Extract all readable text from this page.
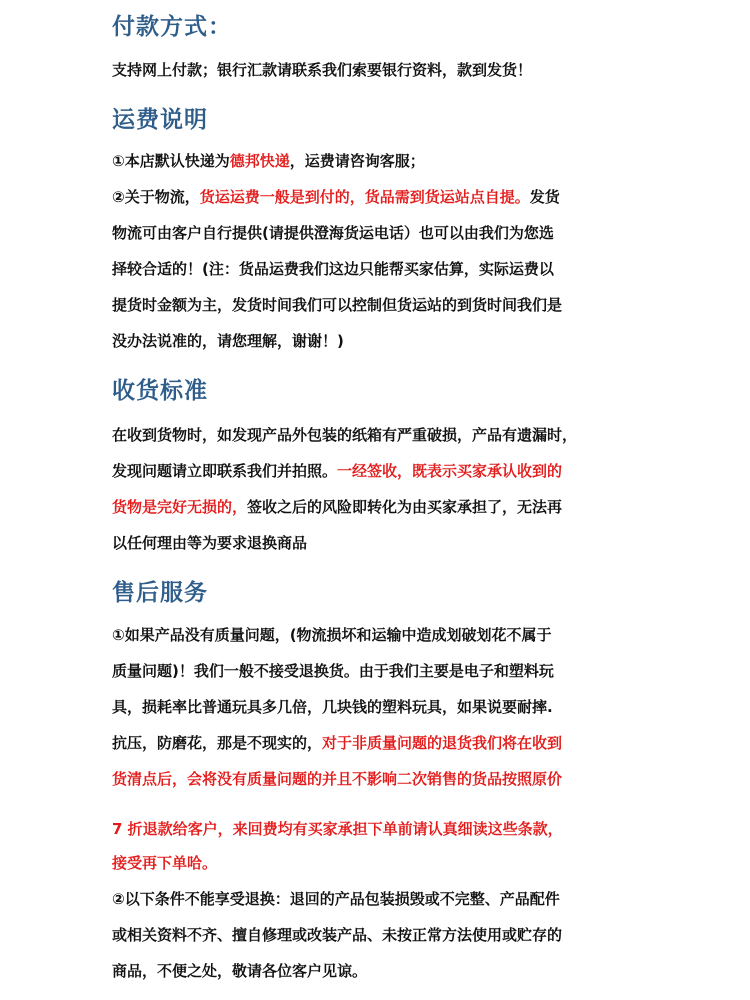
付款方式：
支持网上付款；银行汇款请联系我们索要银行资料，款到发货！
运费说明
①本店默认快递为德邦快递，运费请咨询客服；
②关于物流，货运运费一般是到付的，货品需到货运站点自提。发货
物流可由客户自行提供(请提供澄海货运电话）也可以由我们为您选
择较合适的！(注：货品运费我们这边只能帮买家估算，实际运费以
提货时金额为主，发货时间我们可以控制但货运站的到货时间我们是
没办法说准的，请您理解，谢谢！)
收货标准
在收到货物时，如发现产品外包装的纸箱有严重破损，产品有遗漏时，
发现问题请立即联系我们并拍照。一经签收，既表示买家承认收到的
货物是完好无损的，签收之后的风险即转化为由买家承担了，无法再
以任何理由等为要求退换商品
售后服务
①如果产品没有质量问题，(物流损坏和运输中造成划破划花不属于
质量问题)！我们一般不接受退换货。由于我们主要是电子和塑料玩
具，损耗率比普通玩具多几倍，几块钱的塑料玩具，如果说要耐摔.
抗压，防磨花，那是不现实的，对于非质量问题的退货我们将在收到
货清点后，会将没有质量问题的并且不影响二次销售的货品按照原价
7 折退款给客户，来回费均有买家承担下单前请认真细读这些条款，
接受再下单哈。
②以下条件不能享受退换：退回的产品包装损毁或不完整、产品配件
或相关资料不齐、擅自修理或改装产品、未按正常方法使用或贮存的
商品，不便之处，敬请各位客户见谅。
